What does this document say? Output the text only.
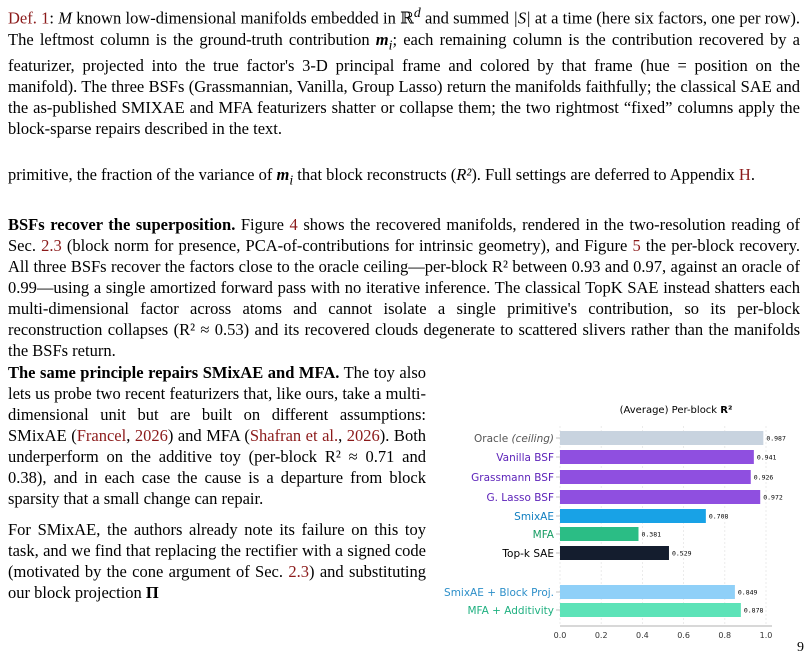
Def. 1: M known low-dimensional manifolds embedded in ℝ$^d$ and summed |S| at a time (here six factors, one per row). The leftmost column is the ground-truth contribution $m_i$; each remaining column is the contribution recovered by a featurizer, projected into the true factor's 3-D principal frame and colored by that frame (hue = position on the manifold). The three BSFs (Grassmannian, Vanilla, Group Lasso) return the manifolds faithfully; the classical SAE and the as-published SMIXAE and MFA featurizers shatter or collapse them; the two rightmost “fixed” columns apply the block-sparse repairs described in the text.
primitive, the fraction of the variance of $m_i$ that block reconstructs (R²). Full settings are deferred to Appendix H.
BSFs recover the superposition. Figure 4 shows the recovered manifolds, rendered in the two-resolution reading of Sec. 2.3 (block norm for presence, PCA-of-contributions for intrinsic geometry), and Figure 5 the per-block recovery. All three BSFs recover the factors close to the oracle ceiling—per-block R² between 0.93 and 0.97, against an oracle of 0.99—using a single amortized forward pass with no iterative inference. The classical TopK SAE instead shatters each multi-dimensional factor across atoms and cannot isolate a single primitive's contribution, so its per-block reconstruction collapses (R² ≈ 0.53) and its recovered clouds degenerate to scattered slivers rather than the manifolds the BSFs return.

The same principle repairs SMixAE and MFA. The toy also lets us probe two recent featurizers that, like ours, take a multi-dimensional unit but are built on different assumptions: SMixAE (Francel, 2026) and MFA (Shafran et al., 2026). Both underperform on the additive toy (per-block R² ≈ 0.71 and 0.38), and in each case the cause is a departure from block sparsity that a small change can repair.

For SMixAE, the authors already note its failure on this toy task, and we find that replacing the rectifier with a signed code (motivated by the cone argument of Sec. 2.3) and substituting our block projection Π

(Average) Per-block R²
0.0	0.2	0.4	0.6	0.8	1.0
Oracle (ceiling)	0.987
Vanilla BSF	0.941
Grassmann BSF	0.926
G. Lasso BSF	0.972
SmixAE	0.708
MFA	0.381
Top-k SAE	0.529
SmixAE + Block Proj.	0.849
MFA + Additivity	0.878
9
